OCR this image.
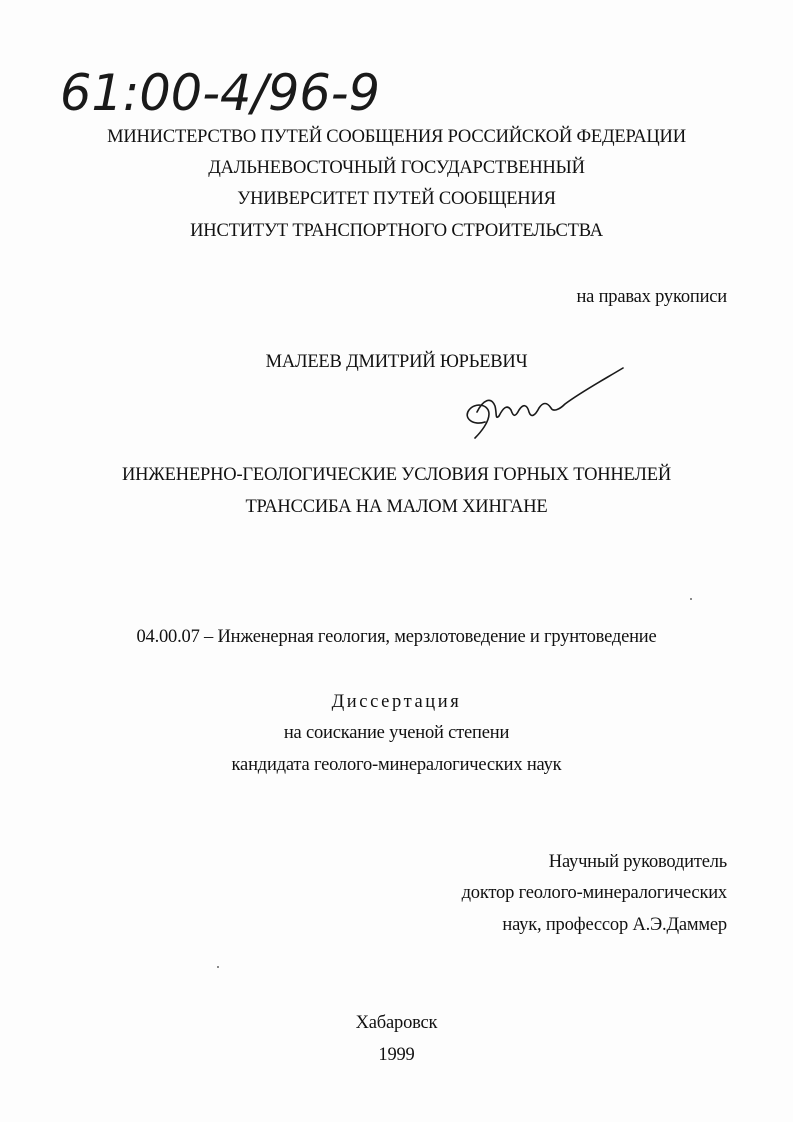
61:00-4/96-9
МИНИСТЕРСТВО ПУТЕЙ СООБЩЕНИЯ РОССИЙСКОЙ ФЕДЕРАЦИИ
ДАЛЬНЕВОСТОЧНЫЙ ГОСУДАРСТВЕННЫЙ
УНИВЕРСИТЕТ ПУТЕЙ СООБЩЕНИЯ
ИНСТИТУТ ТРАНСПОРТНОГО СТРОИТЕЛЬСТВА
на правах рукописи
МАЛЕЕВ ДМИТРИЙ ЮРЬЕВИЧ
ИНЖЕНЕРНО-ГЕОЛОГИЧЕСКИЕ УСЛОВИЯ ГОРНЫХ ТОННЕЛЕЙ
ТРАНССИБА НА МАЛОМ ХИНГАНЕ
04.00.07 – Инженерная геология, мерзлотоведение и грунтоведение
Диссертация
на соискание ученой степени
кандидата геолого-минералогических наук
Научный руководитель
доктор геолого-минералогических
наук, профессор А.Э.Даммер
Хабаровск
1999
